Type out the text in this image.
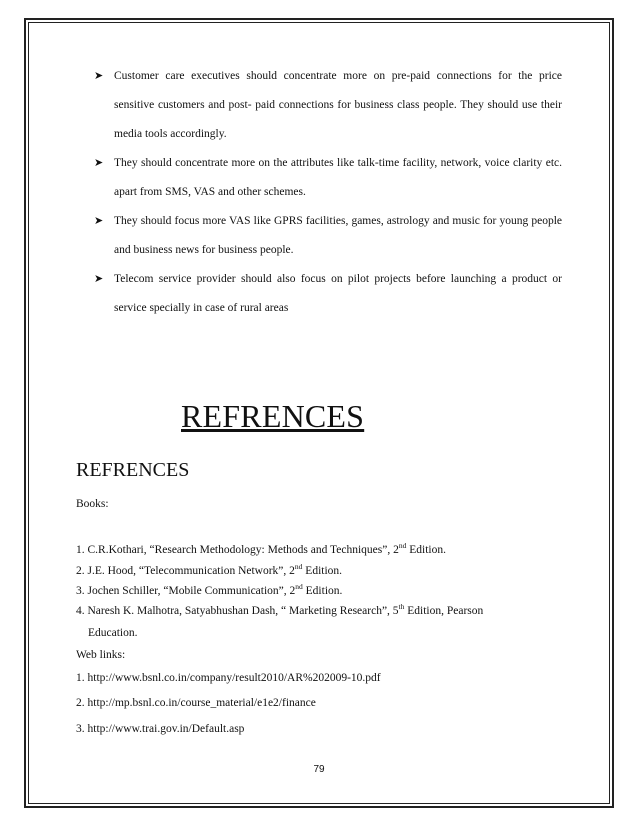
➤ Customer care executives should concentrate more on pre-paid connections for the price sensitive customers and post- paid connections for business class people. They should use their media tools accordingly.
➤ They should concentrate more on the attributes like talk-time facility, network, voice clarity etc. apart from SMS, VAS and other schemes.
➤ They should focus more VAS like GPRS facilities, games, astrology and music for young people and business news for business people.
➤ Telecom service provider should also focus on pilot projects before launching a product or service specially in case of rural areas
REFRENCES
REFRENCES
Books:
1. C.R.Kothari, “Research Methodology: Methods and Techniques”, 2nd Edition.
2. J.E. Hood, “Telecommunication Network”, 2nd Edition.
3. Jochen Schiller, “Mobile Communication”, 2nd Edition.
4. Naresh K. Malhotra, Satyabhushan Dash, “ Marketing Research”, 5th Edition, Pearson
Education.
Web links:
1. http://www.bsnl.co.in/company/result2010/AR%202009-10.pdf
2. http://mp.bsnl.co.in/course_material/e1e2/finance
3. http://www.trai.gov.in/Default.asp
79
